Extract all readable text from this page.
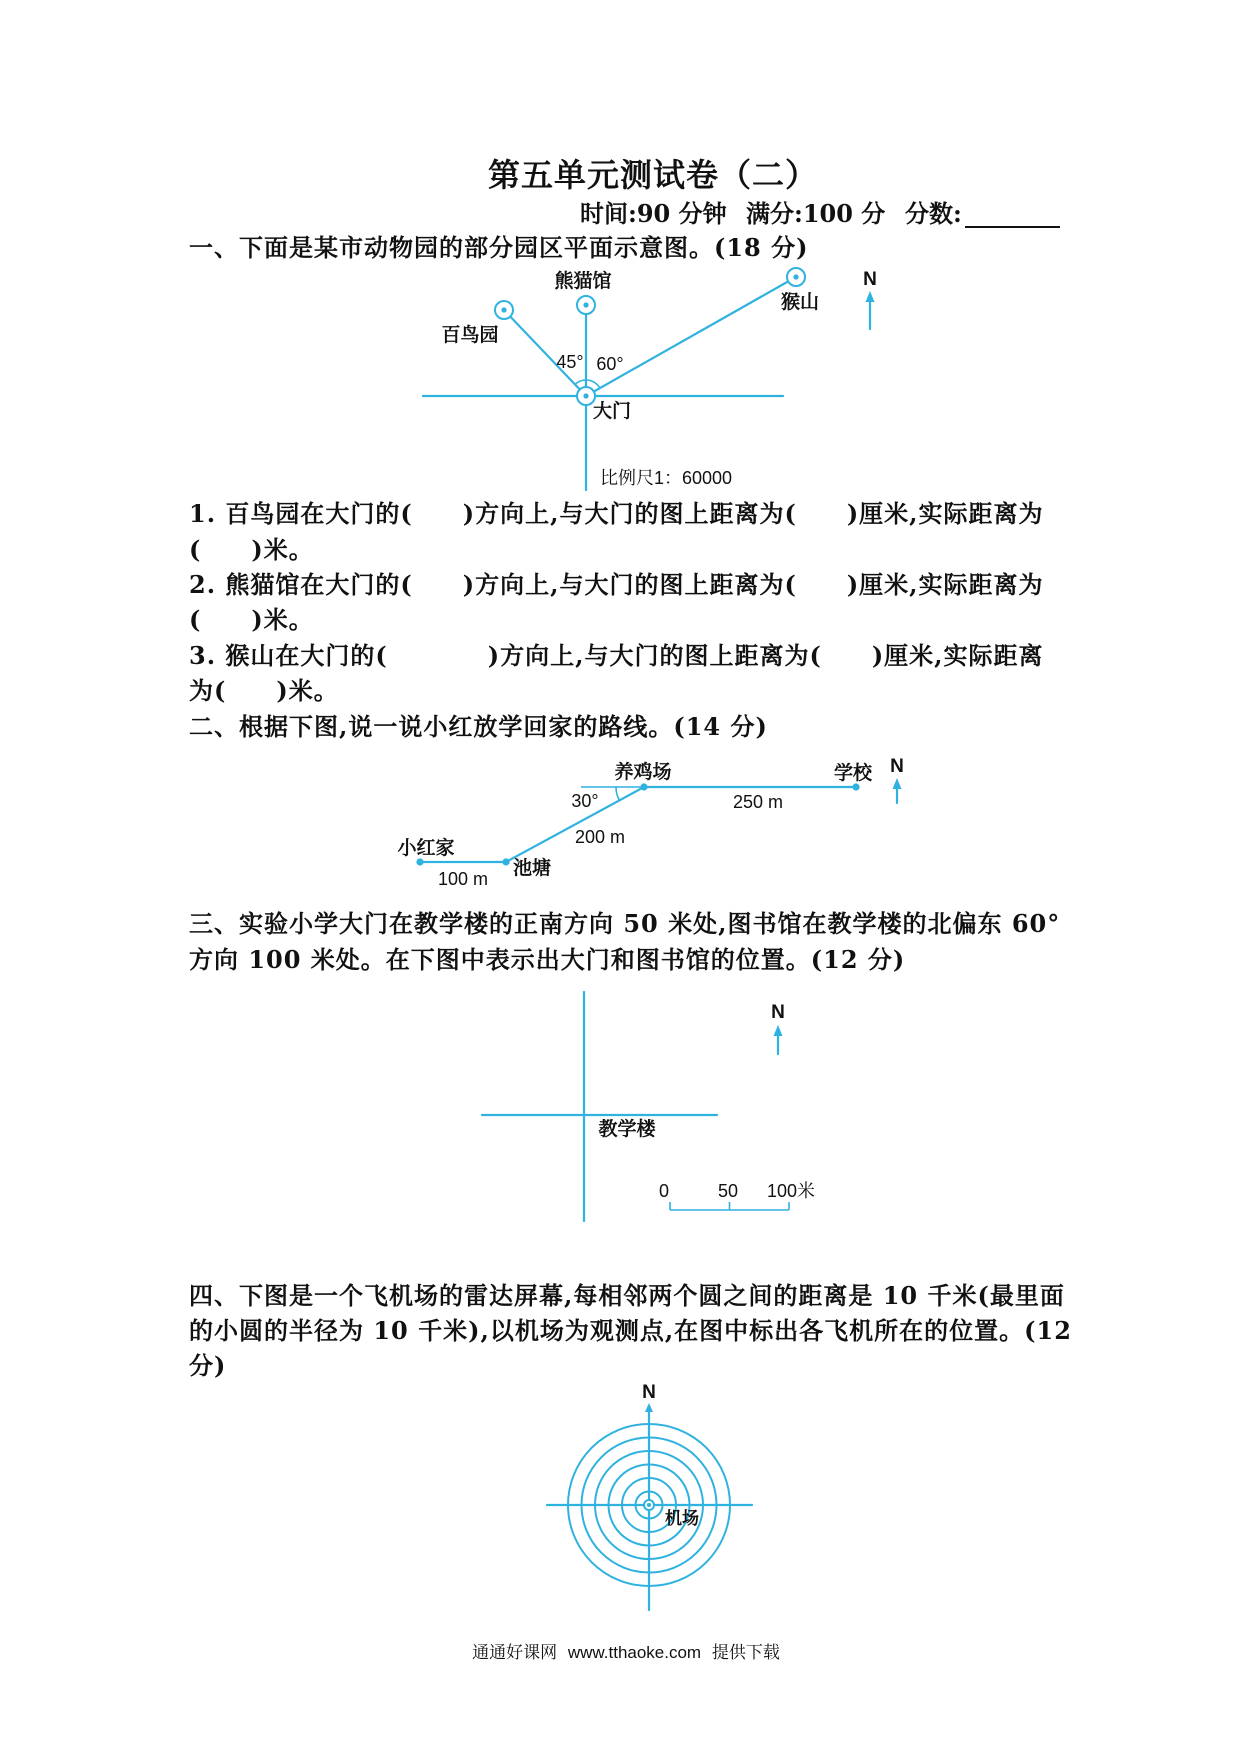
第五单元测试卷（二）
时间:90 分钟 满分:100 分 分数:
一、下面是某市动物园的部分园区平面示意图。(18 分)
熊猫馆
百鸟园
猴山
大门
45° 60°
比例尺1：60000
N
1. 百鸟园在大门的(　　)方向上,与大门的图上距离为(　　)厘米,实际距离为
(　　)米。
2. 熊猫馆在大门的(　　)方向上,与大门的图上距离为(　　)厘米,实际距离为
(　　)米。
3. 猴山在大门的(　　　　)方向上,与大门的图上距离为(　　)厘米,实际距离
为(　　)米。
二、根据下图,说一说小红放学回家的路线。(14 分)
养鸡场	学校
30°	250 m
200 m
小红家
100 m 池塘
N
三、实验小学大门在教学楼的正南方向 50 米处,图书馆在教学楼的北偏东 60°
方向 100 米处。在下图中表示出大门和图书馆的位置。(12 分)
教学楼
N
0	50 100米
四、下图是一个飞机场的雷达屏幕,每相邻两个圆之间的距离是 10 千米(最里面
的小圆的半径为 10 千米),以机场为观测点,在图中标出各飞机所在的位置。(12
分)
N
机场
通通好课网 www.tthaoke.com 提供下载
